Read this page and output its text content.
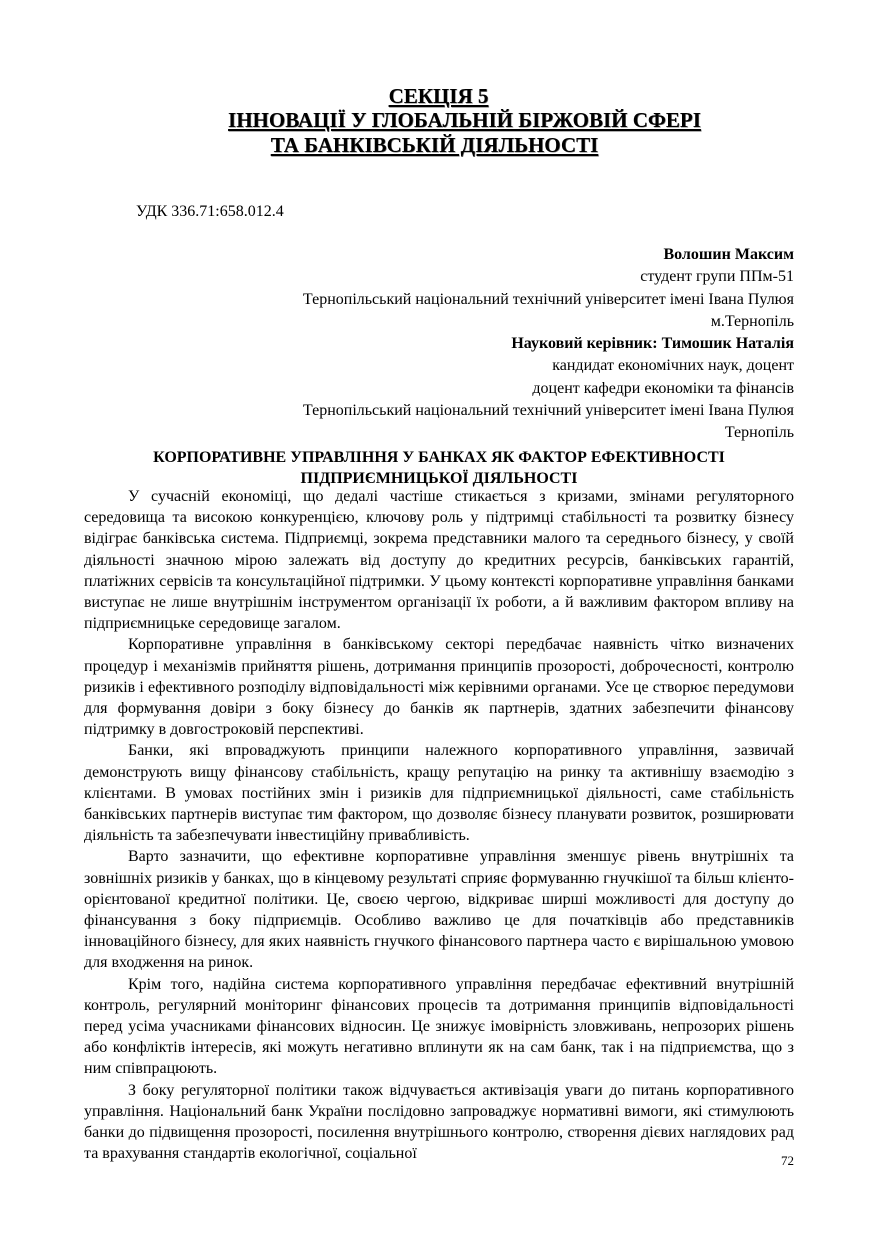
СЕКЦІЯ 5
ІННОВАЦІЇ У ГЛОБАЛЬНІЙ БІРЖОВІЙ СФЕРІ
ТА БАНКІВСЬКІЙ ДІЯЛЬНОСТІ
УДК 336.71:658.012.4
Волошин Максим
студент групи ППм-51
Тернопільський національний технічний університет імені Івана Пулюя
м.Тернопіль
Науковий керівник: Тимошик Наталія
кандидат економічних наук, доцент
доцент кафедри економіки та фінансів
Тернопільський національний технічний університет імені Івана Пулюя
Тернопіль
КОРПОРАТИВНЕ УПРАВЛІННЯ У БАНКАХ ЯК ФАКТОР ЕФЕКТИВНОСТІ
ПІДПРИЄМНИЦЬКОЇ ДІЯЛЬНОСТІ

У сучасній економіці, що дедалі частіше стикається з кризами, змінами регуляторного середовища та високою конкуренцією, ключову роль у підтримці стабільності та розвитку бізнесу відіграє банківська система. Підприємці, зокрема представники малого та середнього бізнесу, у своїй діяльності значною мірою залежать від доступу до кредитних ресурсів, банківських гарантій, платіжних сервісів та консультаційної підтримки. У цьому контексті корпоративне управління банками виступає не лише внутрішнім інструментом організації їх роботи, а й важливим фактором впливу на підприємницьке середовище загалом.

Корпоративне управління в банківському секторі передбачає наявність чітко визначених процедур і механізмів прийняття рішень, дотримання принципів прозорості, доброчесності, контролю ризиків і ефективного розподілу відповідальності між керівними органами. Усе це створює передумови для формування довіри з боку бізнесу до банків як партнерів, здатних забезпечити фінансову підтримку в довгостроковій перспективі.

Банки, які впроваджують принципи належного корпоративного управління, зазвичай демонструють вищу фінансову стабільність, кращу репутацію на ринку та активнішу взаємодію з клієнтами. В умовах постійних змін і ризиків для підприємницької діяльності, саме стабільність банківських партнерів виступає тим фактором, що дозволяє бізнесу планувати розвиток, розширювати діяльність та забезпечувати інвестиційну привабливість.

Варто зазначити, що ефективне корпоративне управління зменшує рівень внутрішніх та зовнішніх ризиків у банках, що в кінцевому результаті сприяє формуванню гнучкішої та більш клієнто-орієнтованої кредитної політики. Це, своєю чергою, відкриває ширші можливості для доступу до фінансування з боку підприємців. Особливо важливо це для початківців або представників інноваційного бізнесу, для яких наявність гнучкого фінансового партнера часто є вирішальною умовою для входження на ринок.

Крім того, надійна система корпоративного управління передбачає ефективний внутрішній контроль, регулярний моніторинг фінансових процесів та дотримання принципів відповідальності перед усіма учасниками фінансових відносин. Це знижує імовірність зловживань, непрозорих рішень або конфліктів інтересів, які можуть негативно вплинути як на сам банк, так і на підприємства, що з ним співпрацюють.

З боку регуляторної політики також відчувається активізація уваги до питань корпоративного управління. Національний банк України послідовно запроваджує нормативні вимоги, які стимулюють банки до підвищення прозорості, посилення внутрішнього контролю, створення дієвих наглядових рад та врахування стандартів екологічної, соціальної	72
